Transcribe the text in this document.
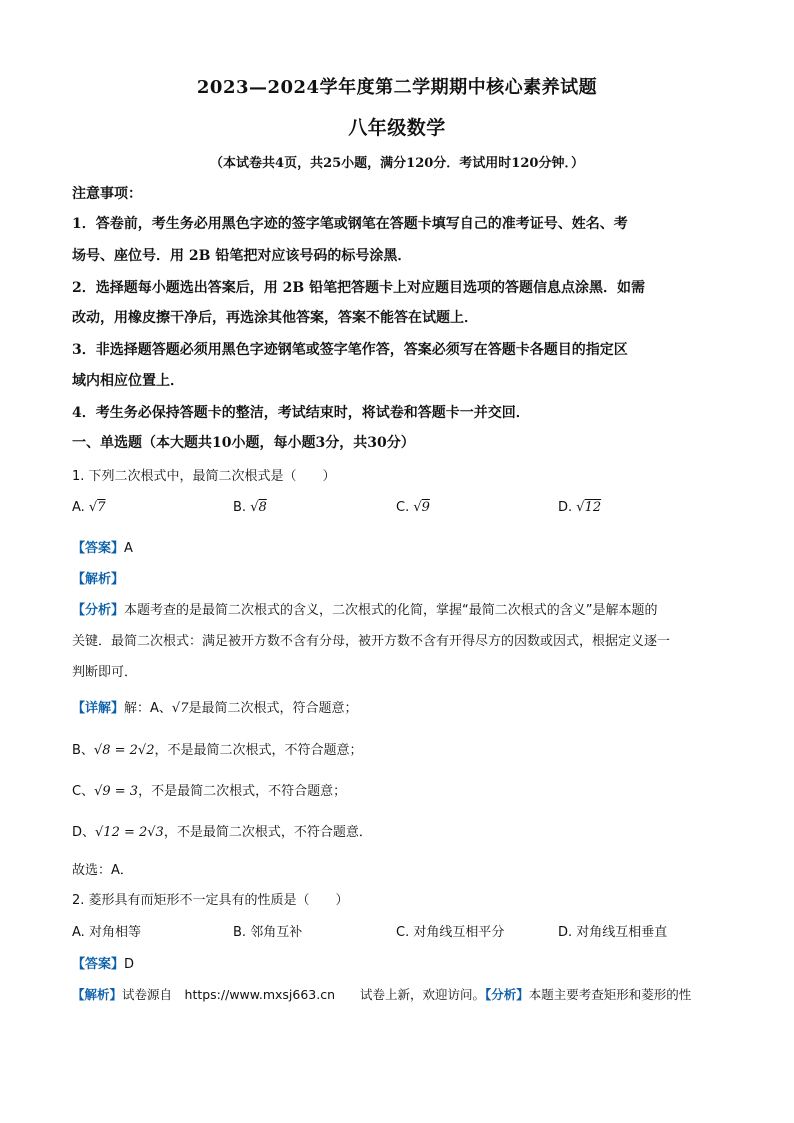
2023—2024学年度第二学期期中核心素养试题
八年级数学
（本试卷共4页，共25小题，满分120分．考试用时120分钟．）
注意事项：
1．答卷前，考生务必用黑色字迹的签字笔或钢笔在答题卡填写自己的准考证号、姓名、考
场号、座位号．用 2B 铅笔把对应该号码的标号涂黑．
2．选择题每小题选出答案后，用 2B 铅笔把答题卡上对应题目选项的答题信息点涂黑．如需
改动，用橡皮擦干净后，再选涂其他答案，答案不能答在试题上．
3．非选择题答题必须用黑色字迹钢笔或签字笔作答，答案必须写在答题卡各题目的指定区
域内相应位置上．
4．考生务必保持答题卡的整洁，考试结束时，将试卷和答题卡一并交回．
一、单选题（本大题共10小题，每小题3分，共30分）
1. 下列二次根式中，最简二次根式是（　　）
A. √7	B. √8	C. √9	D. √12
【答案】A
【解析】
【分析】本题考查的是最简二次根式的含义，二次根式的化简，掌握“最简二次根式的含义”是解本题的
关键．最简二次根式：满足被开方数不含有分母，被开方数不含有开得尽方的因数或因式，根据定义逐一
判断即可．
【详解】解：A、√7是最简二次根式，符合题意；
B、√8 = 2√2，不是最简二次根式，不符合题意；
C、√9 = 3，不是最简二次根式，不符合题意；
D、√12 = 2√3，不是最简二次根式，不符合题意．
故选：A．
2. 菱形具有而矩形不一定具有的性质是（　　）
A. 对角相等	B. 邻角互补	C. 对角线互相平分	D. 对角线互相垂直
【答案】D
【解析】试卷源自　https://www.mxsj663.cn　　试卷上新，欢迎访问。【分析】本题主要考查矩形和菱形的性
